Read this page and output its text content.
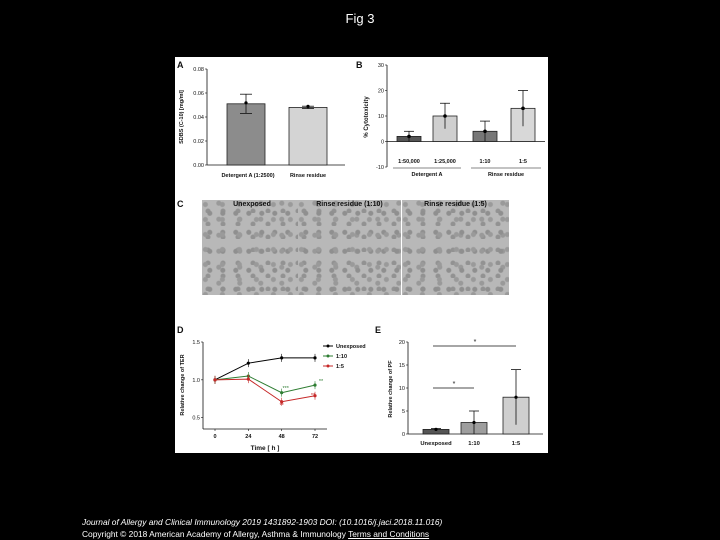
Fig 3
A	B
C
D	E
0.00
0.02
0.04
0.06
0.08
Detergent A (1:2500)	Rinse residue
SDBS (C-10) [mg/ml]
-10
0
10
20
30
1:50,000	1:25,000	1:10	1:5
Detergent A	Rinse residue
% Cytotoxicity
0.5
1.0
1.5
0	24	48	72
Time [ h ]
Relative change of TER
Unexposed
1:10
1:5
*
***
**
**
**
0
5
10
15
20
Unexposed	1:10	1:5
*
*
Relative change of PF
Unexposed	Rinse residue (1:10)	Rinse residue (1:5)
Journal of Allergy and Clinical Immunology 2019 1431892-1903 DOI: (10.1016/j.jaci.2018.11.016)
Copyright © 2018 American Academy of Allergy, Asthma & Immunology Terms and Conditions
